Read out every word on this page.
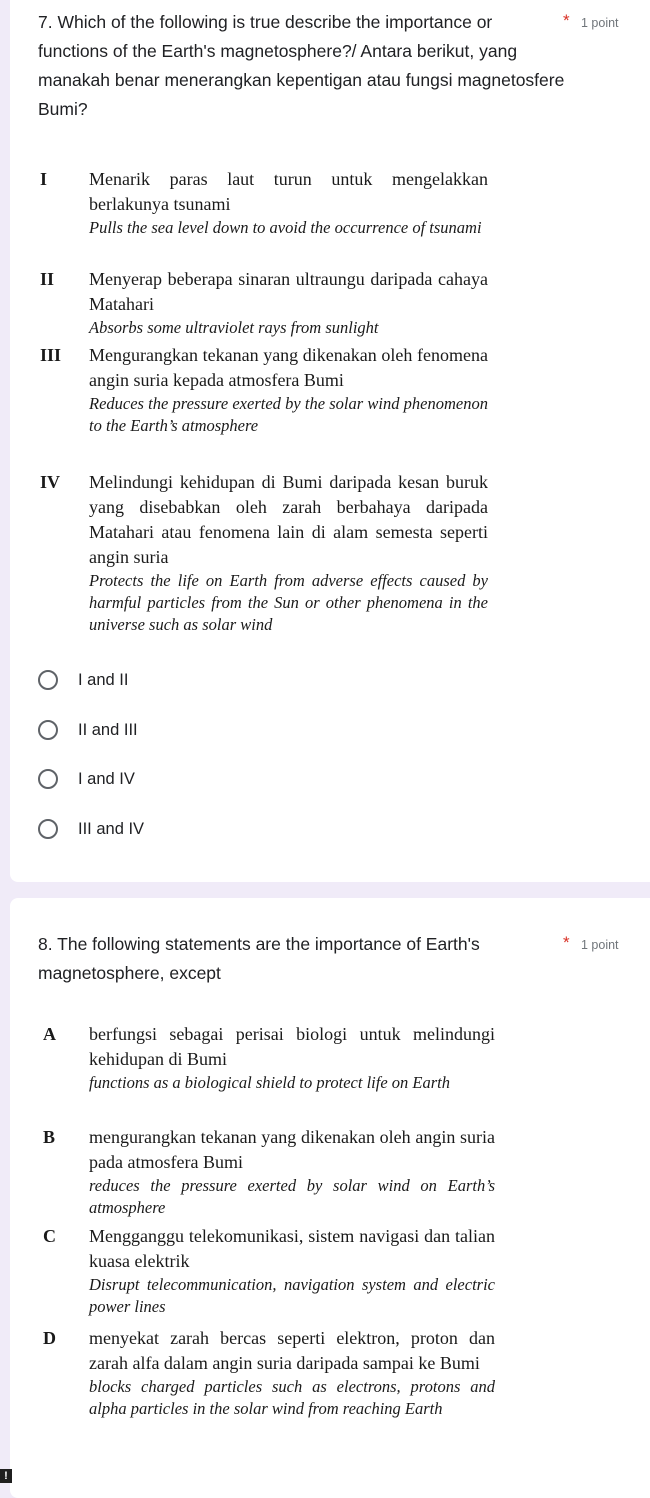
7. Which of the following is true describe the importance or
functions of the Earth's magnetosphere?/ Antara berikut, yang manakah benar menerangkan kepentigan atau fungsi magnetosfere Bumi?
* 1 point
I Menarik paras laut turun untuk mengelakkan berlakunya tsunami
Pulls the sea level down to avoid the occurrence of tsunami
II Menyerap beberapa sinaran ultraungu daripada cahaya Matahari
Absorbs some ultraviolet rays from sunlight
III Mengurangkan tekanan yang dikenakan oleh fenomena angin suria kepada atmosfera Bumi
Reduces the pressure exerted by the solar wind phenomenon to the Earth’s atmosphere
IV Melindungi kehidupan di Bumi daripada kesan buruk yang disebabkan oleh zarah berbahaya daripada Matahari atau fenomena lain di alam semesta seperti angin suria
Protects the life on Earth from adverse effects caused by harmful particles from the Sun or other phenomena in the universe such as solar wind
I and II
II and III
I and IV
III and IV
8. The following statements are the importance of Earth's
magnetosphere, except
* 1 point
A berfungsi sebagai perisai biologi untuk melindungi kehidupan di Bumi
functions as a biological shield to protect life on Earth
B mengurangkan tekanan yang dikenakan oleh angin suria pada atmosfera Bumi
reduces the pressure exerted by solar wind on Earth’s atmosphere
C Mengganggu telekomunikasi, sistem navigasi dan talian kuasa elektrik
Disrupt telecommunication, navigation system and electric power lines
D menyekat zarah bercas seperti elektron, proton dan zarah alfa dalam angin suria daripada sampai ke Bumi
blocks charged particles such as electrons, protons and alpha particles in the solar wind from reaching Earth
!
